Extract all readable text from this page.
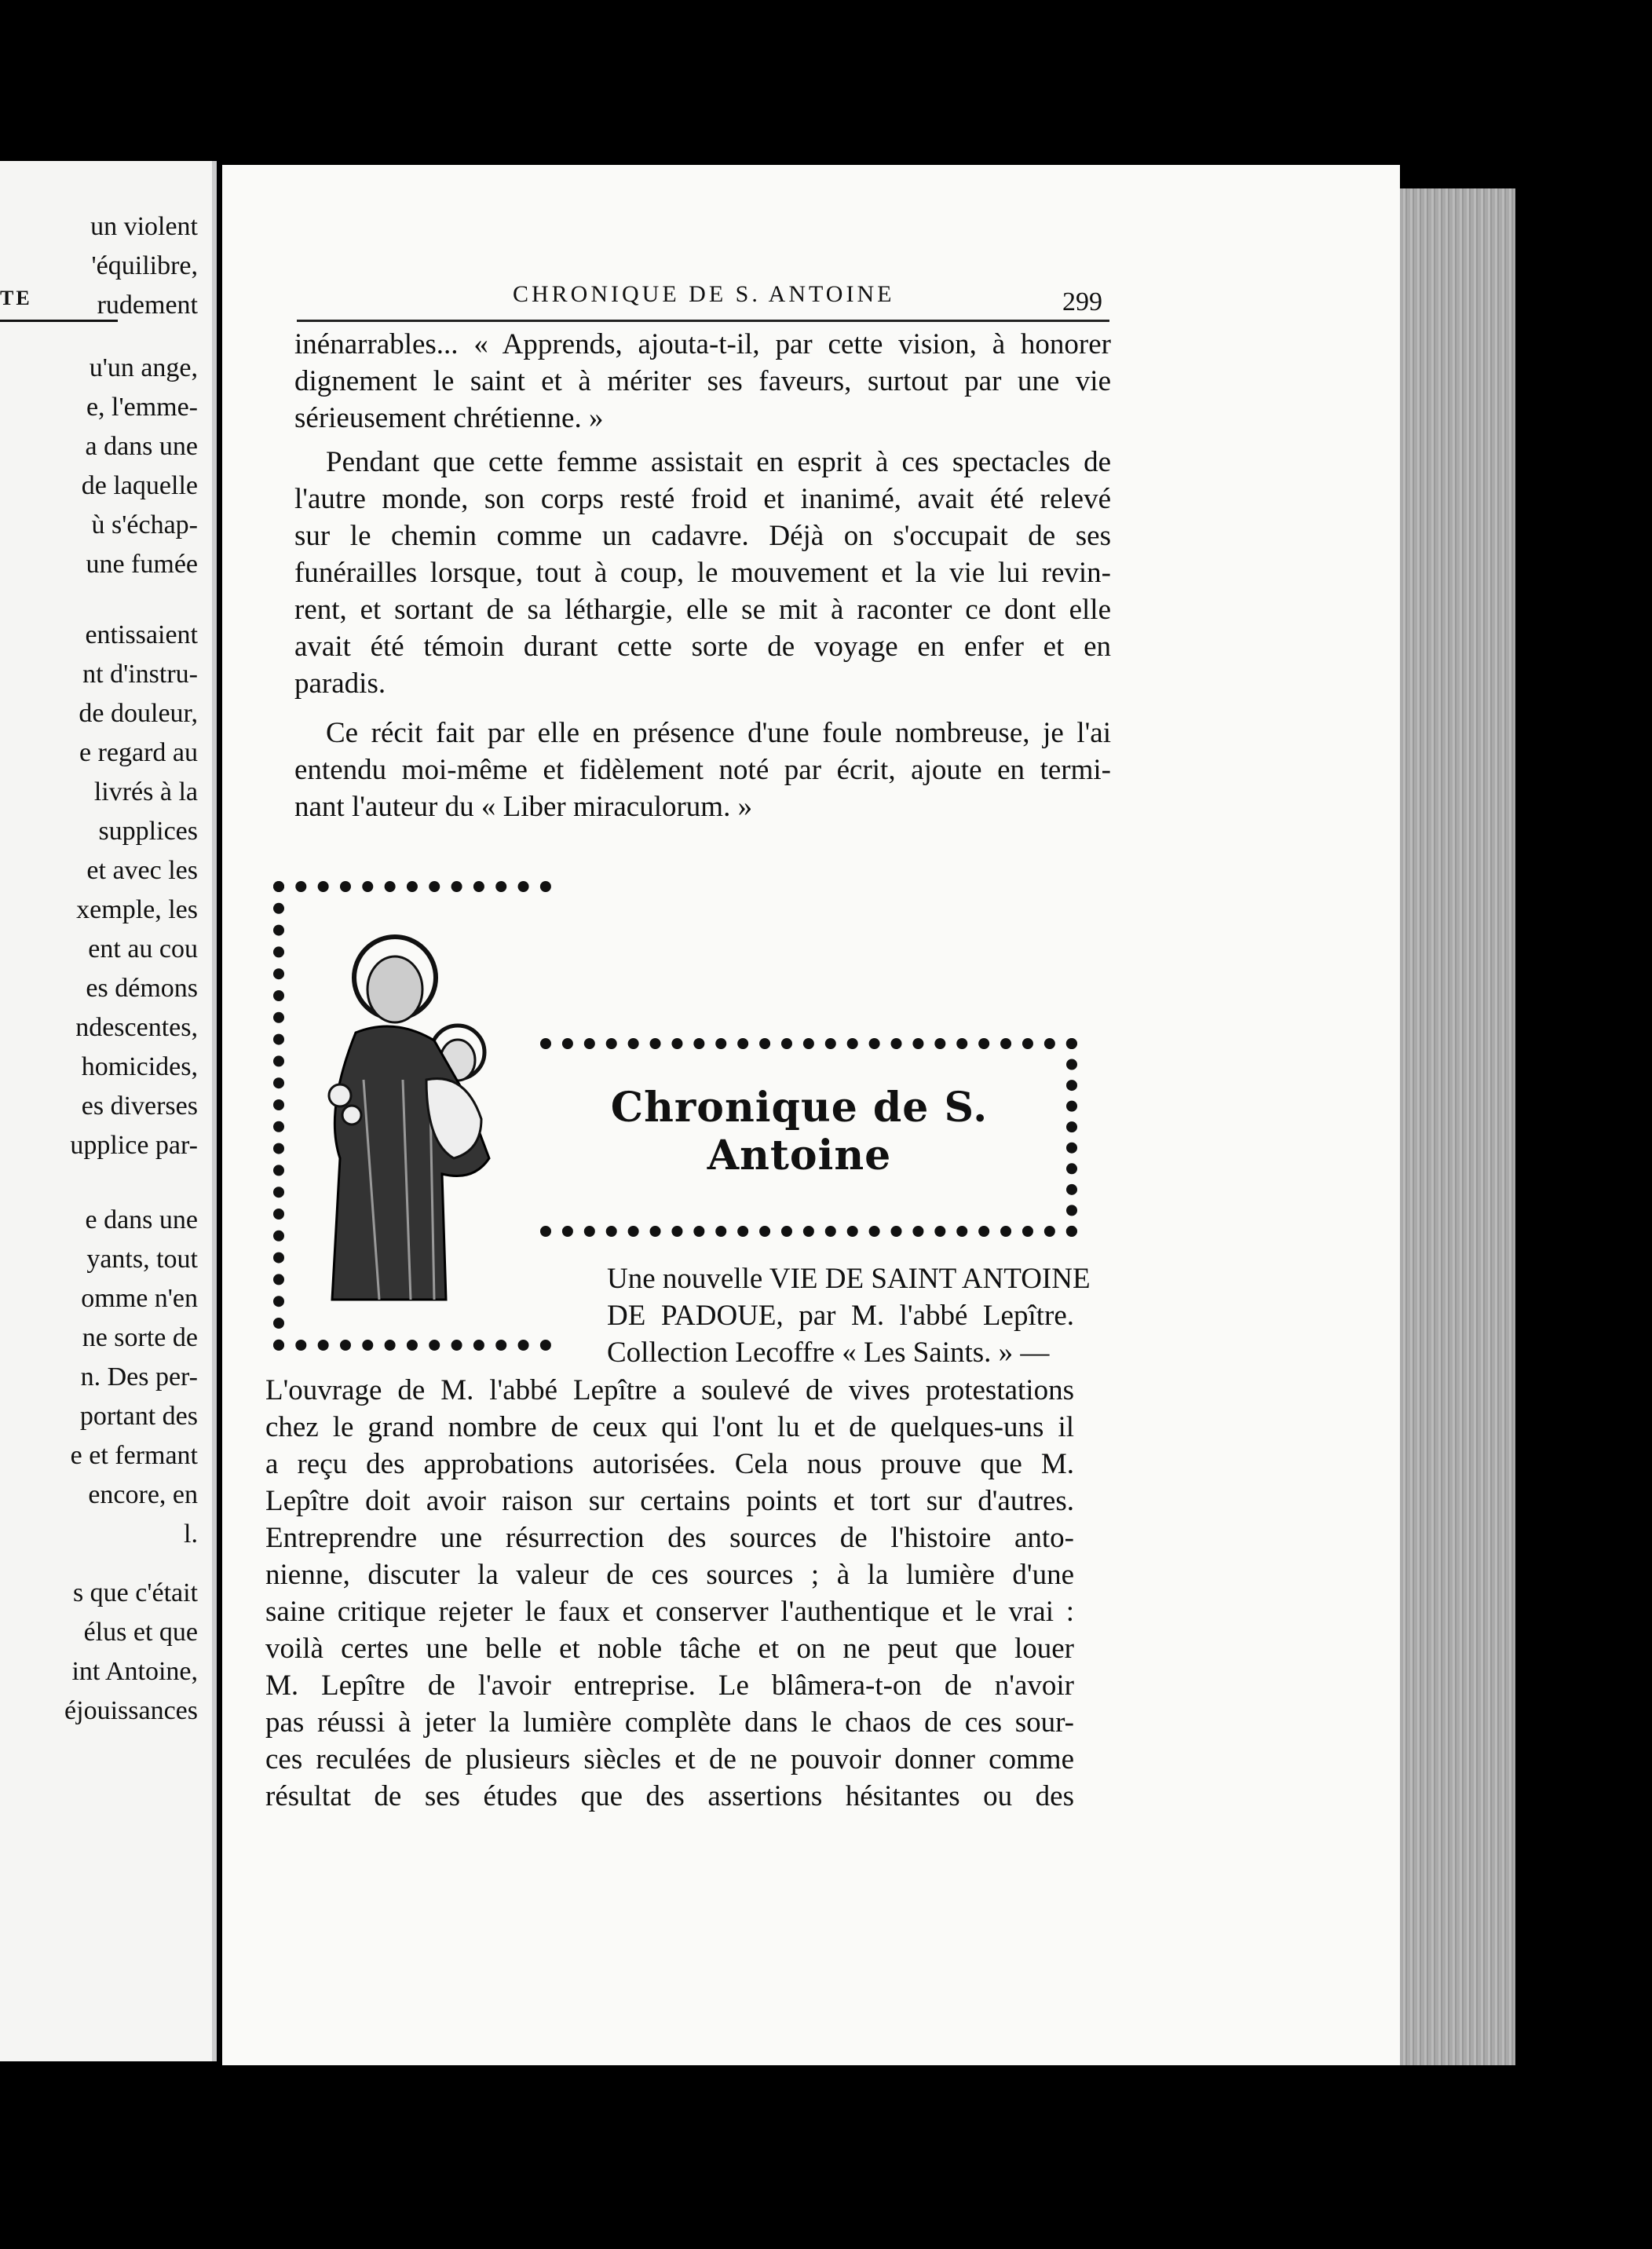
TE
un violent
'équilibre,
rudement
u'un ange,
e, l'emme-
a dans une
de laquelle
ù s'échap-
une fumée
entissaient
nt d'instru-
de douleur,
e regard au
livrés à la
supplices
et avec les
xemple, les
ent au cou
es démons
ndescentes,
homicides,
es diverses
upplice par-
e dans une
yants, tout
omme n'en
ne sorte de
n. Des per-
portant des
e et fermant
encore, en
l.
s que c'était
élus et que
int Antoine,
éjouissances
CHRONIQUE DE S. ANTOINE	299
inénarrables... « Apprends, ajouta-t-il, par cette vision, à honorer
dignement le saint et à mériter ses faveurs, surtout par une vie
sérieusement chrétienne. »
Pendant que cette femme assistait en esprit à ces spectacles de
l'autre monde, son corps resté froid et inanimé, avait été relevé
sur le chemin comme un cadavre. Déjà on s'occupait de ses
funérailles lorsque, tout à coup, le mouvement et la vie lui revin-
rent, et sortant de sa léthargie, elle se mit à raconter ce dont elle
avait été témoin durant cette sorte de voyage en enfer et en
paradis.
Ce récit fait par elle en présence d'une foule nombreuse, je l'ai
entendu moi-même et fidèlement noté par écrit, ajoute en termi-
nant l'auteur du « Liber miraculorum. »
Chronique de S. Antoine
Une nouvelle VIE DE SAINT ANTOINE
DE PADOUE, par M. l'abbé Lepître.
Collection Lecoffre « Les Saints. » —
L'ouvrage de M. l'abbé Lepître a soulevé de vives protestations
chez le grand nombre de ceux qui l'ont lu et de quelques-uns il
a reçu des approbations autorisées. Cela nous prouve que M.
Lepître doit avoir raison sur certains points et tort sur d'autres.
Entreprendre une résurrection des sources de l'histoire anto-
nienne, discuter la valeur de ces sources ; à la lumière d'une
saine critique rejeter le faux et conserver l'authentique et le vrai :
voilà certes une belle et noble tâche et on ne peut que louer
M. Lepître de l'avoir entreprise. Le blâmera-t-on de n'avoir
pas réussi à jeter la lumière complète dans le chaos de ces sour-
ces reculées de plusieurs siècles et de ne pouvoir donner comme
résultat de ses études que des assertions hésitantes ou des
